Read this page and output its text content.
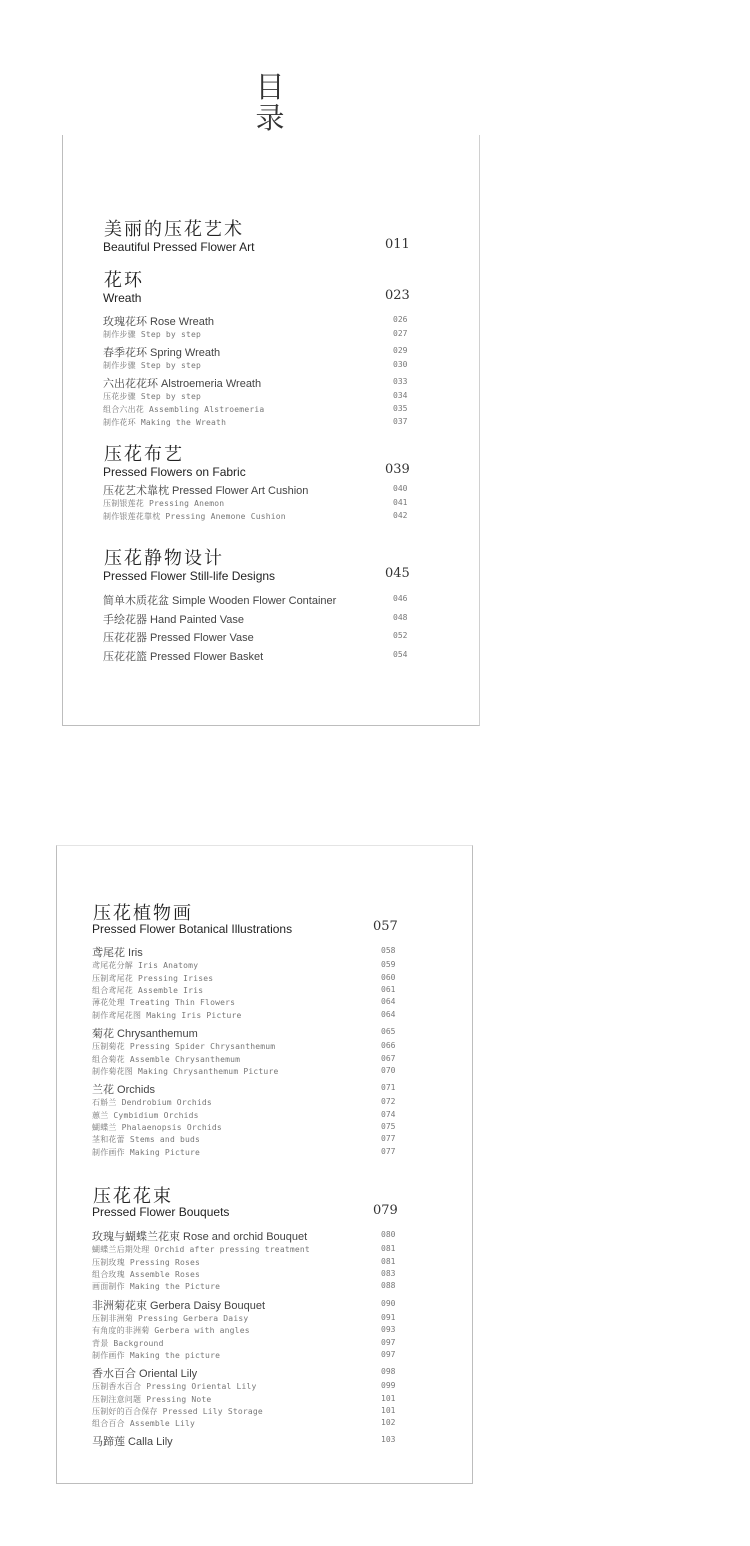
目
录
美丽的压花艺术
Beautiful Pressed Flower Art	011
花环
Wreath	023
玫瑰花环 Rose Wreath	026
制作步骤 Step by step	027
春季花环 Spring Wreath	029
制作步骤 Step by step	030
六出花花环 Alstroemeria Wreath	033
压花步骤 Step by step	034
组合六出花 Assembling Alstroemeria	035
制作花环 Making the Wreath	037
压花布艺
Pressed Flowers on Fabric	039
压花艺术靠枕 Pressed Flower Art Cushion	040
压制银莲花 Pressing Anemon	041
制作银莲花靠枕 Pressing Anemone Cushion	042
压花静物设计
Pressed Flower Still-life Designs	045
简单木质花盆 Simple Wooden Flower Container	046
手绘花器 Hand Painted Vase	048
压花花器 Pressed Flower Vase	052
压花花篮 Pressed Flower Basket	054
压花植物画
Pressed Flower Botanical Illustrations	057
鸢尾花 Iris	058
鸢尾花分解 Iris Anatomy	059
压制鸢尾花 Pressing Irises	060
组合鸢尾花 Assemble Iris	061
薄花处理 Treating Thin Flowers	064
制作鸢尾花图 Making Iris Picture	064
菊花 Chrysanthemum	065
压制菊花 Pressing Spider Chrysanthemum	066
组合菊花 Assemble Chrysanthemum	067
制作菊花图 Making Chrysanthemum Picture	070
兰花 Orchids	071
石斛兰 Dendrobium Orchids	072
蕙兰 Cymbidium Orchids	074
蝴蝶兰 Phalaenopsis Orchids	075
茎和花蕾 Stems and buds	077
制作画作 Making Picture	077
压花花束
Pressed Flower Bouquets	079
玫瑰与蝴蝶兰花束 Rose and orchid Bouquet	080
蝴蝶兰后期处理 Orchid after pressing treatment	081
压制玫瑰 Pressing Roses	081
组合玫瑰 Assemble Roses	083
画面制作 Making the Picture	088
非洲菊花束 Gerbera Daisy Bouquet	090
压制非洲菊 Pressing Gerbera Daisy	091
有角度的非洲菊 Gerbera with angles	093
背景 Background	097
制作画作 Making the picture	097
香水百合 Oriental Lily	098
压制香水百合 Pressing Oriental Lily	099
压制注意问题 Pressing Note	101
压制好的百合保存 Pressed Lily Storage	101
组合百合 Assemble Lily	102
马蹄莲 Calla Lily	103
